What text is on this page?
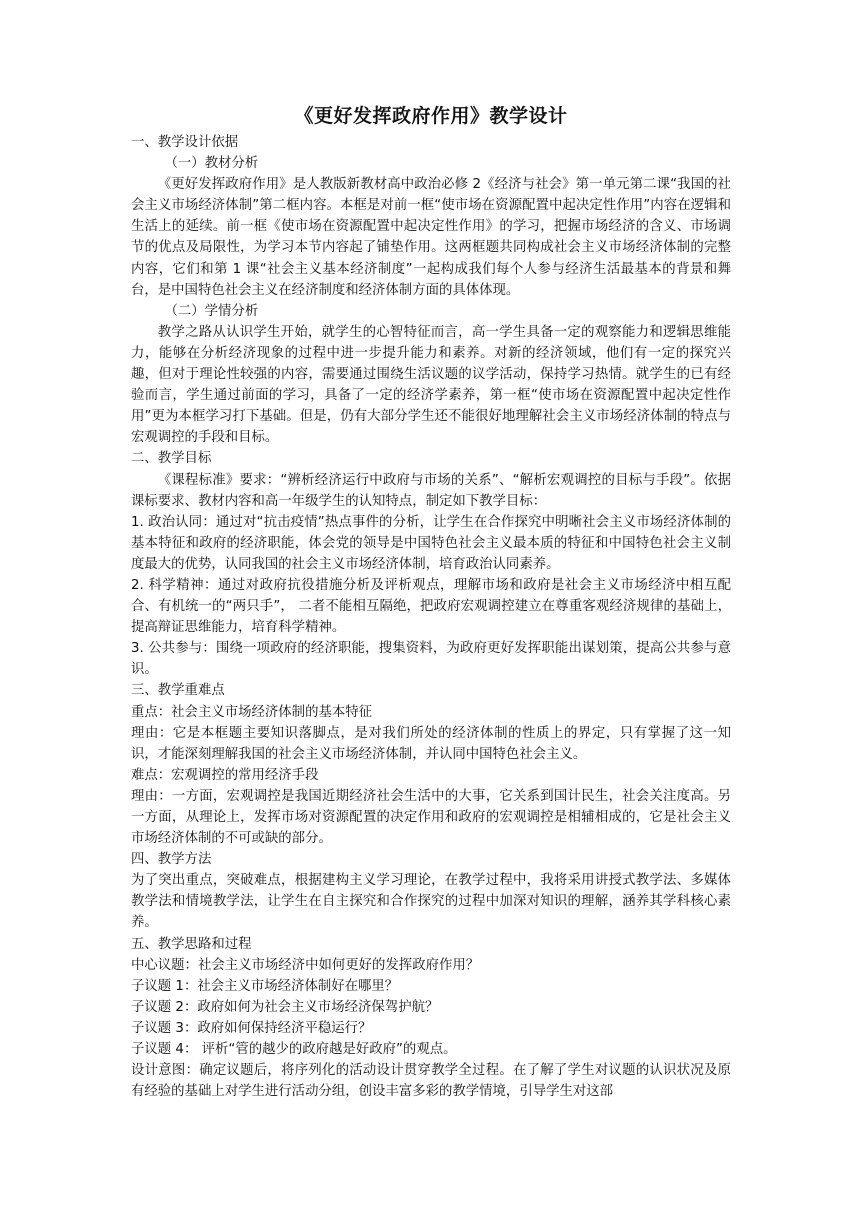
《更好发挥政府作用》教学设计
一、教学设计依据
（一）教材分析
《更好发挥政府作用》是人教版新教材高中政治必修 2《经济与社会》第一单元第二课“我国的社会主义市场经济体制”第二框内容。本框是对前一框“使市场在资源配置中起决定性作用”内容在逻辑和生活上的延续。前一框《使市场在资源配置中起决定性作用》的学习，把握市场经济的含义、市场调节的优点及局限性，为学习本节内容起了铺垫作用。这两框题共同构成社会主义市场经济体制的完整内容，它们和第 1 课“社会主义基本经济制度”一起构成我们每个人参与经济生活最基本的背景和舞台，是中国特色社会主义在经济制度和经济体制方面的具体体现。
（二）学情分析
教学之路从认识学生开始，就学生的心智特征而言，高一学生具备一定的观察能力和逻辑思维能力，能够在分析经济现象的过程中进一步提升能力和素养。对新的经济领域，他们有一定的探究兴趣，但对于理论性较强的内容，需要通过围绕生活议题的议学活动，保持学习热情。就学生的已有经验而言，学生通过前面的学习，具备了一定的经济学素养，第一框“使市场在资源配置中起决定性作用”更为本框学习打下基础。但是，仍有大部分学生还不能很好地理解社会主义市场经济体制的特点与宏观调控的手段和目标。
二、教学目标
《课程标准》要求：“辨析经济运行中政府与市场的关系”、“解析宏观调控的目标与手段”。依据课标要求、教材内容和高一年级学生的认知特点，制定如下教学目标：
1. 政治认同：通过对“抗击疫情”热点事件的分析，让学生在合作探究中明晰社会主义市场经济体制的基本特征和政府的经济职能，体会党的领导是中国特色社会主义最本质的特征和中国特色社会主义制度最大的优势，认同我国的社会主义市场经济体制，培育政治认同素养。
2. 科学精神：通过对政府抗役措施分析及评析观点，理解市场和政府是社会主义市场经济中相互配合、有机统一的“两只手”， 二者不能相互隔绝，把政府宏观调控建立在尊重客观经济规律的基础上，提高辩证思维能力，培育科学精神。
3. 公共参与：围绕一项政府的经济职能，搜集资料，为政府更好发挥职能出谋划策，提高公共参与意识。
三、教学重难点
重点：社会主义市场经济体制的基本特征
理由：它是本框题主要知识落脚点，是对我们所处的经济体制的性质上的界定，只有掌握了这一知识，才能深刻理解我国的社会主义市场经济体制，并认同中国特色社会主义。
难点：宏观调控的常用经济手段
理由：一方面，宏观调控是我国近期经济社会生活中的大事，它关系到国计民生，社会关注度高。另一方面，从理论上，发挥市场对资源配置的决定作用和政府的宏观调控是相辅相成的，它是社会主义市场经济体制的不可或缺的部分。
四、教学方法
为了突出重点，突破难点，根据建构主义学习理论，在教学过程中，我将采用讲授式教学法、多媒体教学法和情境教学法，让学生在自主探究和合作探究的过程中加深对知识的理解，涵养其学科核心素养。
五、教学思路和过程
中心议题：社会主义市场经济中如何更好的发挥政府作用？
子议题 1：社会主义市场经济体制好在哪里？
子议题 2：政府如何为社会主义市场经济保驾护航？
子议题 3：政府如何保持经济平稳运行？
子议题 4： 评析“管的越少的政府越是好政府”的观点。
设计意图：确定议题后，将序列化的活动设计贯穿教学全过程。在了解了学生对议题的认识状况及原有经验的基础上对学生进行活动分组，创设丰富多彩的教学情境，引导学生对这部
